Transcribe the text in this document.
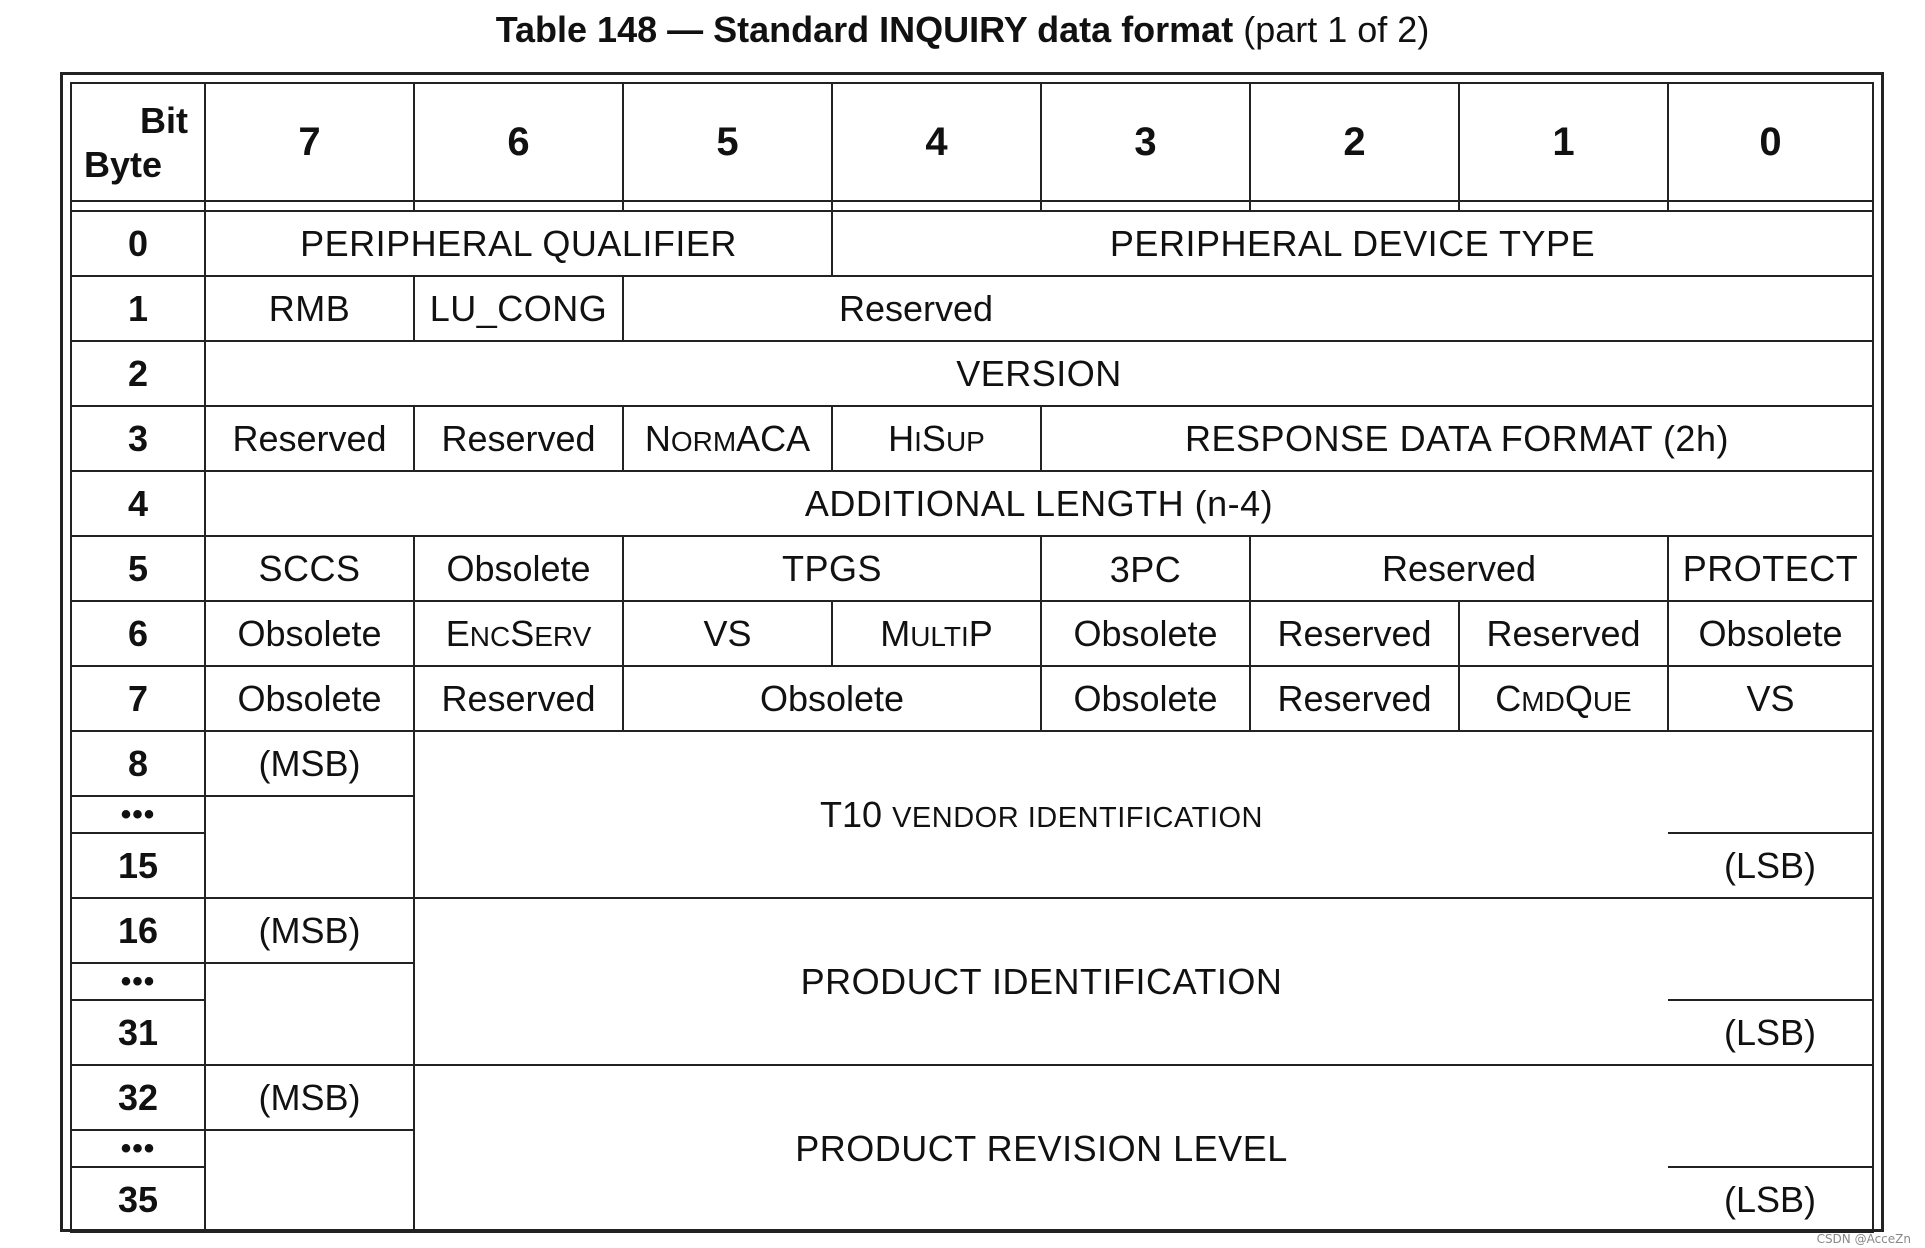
Table 148 — Standard INQUIRY data format (part 1 of 2)
Bit
Byte	7	6	5	4	3	2	1	0

0	PERIPHERAL QUALIFIER			PERIPHERAL DEVICE TYPE				
1	RMB	LU_CONG	Reserved					
2	VERSION							
3	Reserved	Reserved	NORMACA	HISUP	RESPONSE DATA FORMAT (2h)			
4	ADDITIONAL LENGTH (n-4)							
5	SCCS	Obsolete	TPGS		3PC	Reserved		PROTECT
6	Obsolete	ENCSERV	VS	MULTIP	Obsolete	Reserved	Reserved	Obsolete
7	Obsolete	Reserved	Obsolete		Obsolete	Reserved	CMDQUE	VS
8	(MSB)	T10 VENDOR IDENTIFICATION						
•••								
15								(LSB)
16	(MSB)	PRODUCT IDENTIFICATION						
•••								
31								(LSB)
32	(MSB)	PRODUCT REVISION LEVEL						
•••								
35								(LSB)
CSDN @AcceZn
